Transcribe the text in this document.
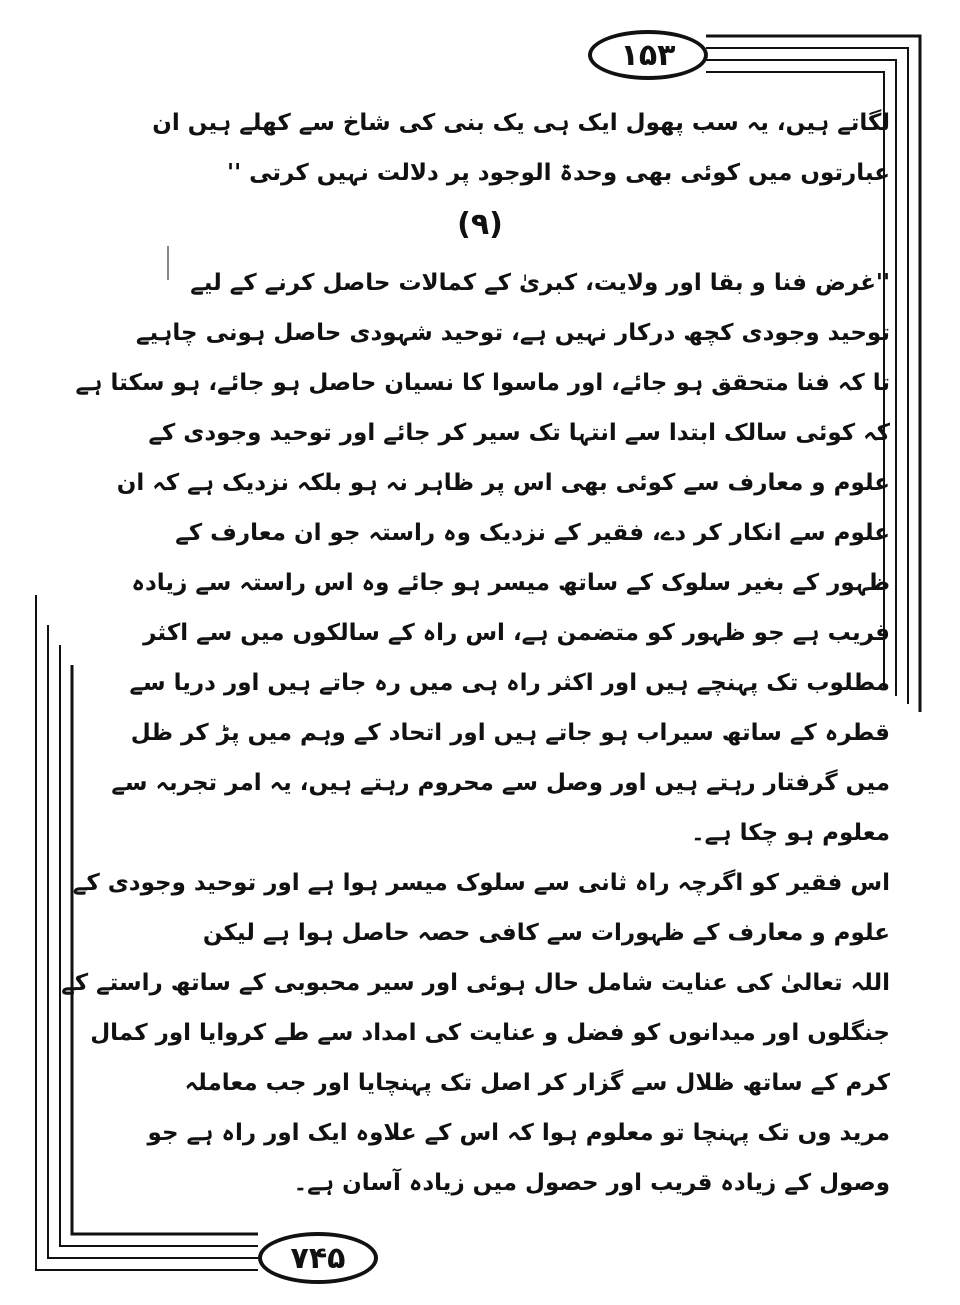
۱۵۳
لگاتے ہیں، یہ سب پھول ایک ہی یک بنی کی شاخ سے کھلے ہیں ان
عبارتوں میں کوئی بھی وحدۃ الوجود پر دلالت نہیں کرتی ''
(۹)
''غرض فنا و بقا اور ولایت، کبریٰ کے کمالات حاصل کرنے کے لیے
توحید وجودی کچھ درکار نہیں ہے، توحید شہودی حاصل ہونی چاہیے
تا کہ فنا متحقق ہو جائے، اور ماسوا کا نسیان حاصل ہو جائے، ہو سکتا ہے
کہ کوئی سالک ابتدا سے انتہا تک سیر کر جائے اور توحید وجودی کے
علوم و معارف سے کوئی بھی اس پر ظاہر نہ ہو بلکہ نزدیک ہے کہ ان
علوم سے انکار کر دے، فقیر کے نزدیک وہ راستہ جو ان معارف کے
ظہور کے بغیر سلوک کے ساتھ میسر ہو جائے وہ اس راستہ سے زیادہ
قریب ہے جو ظہور کو متضمن ہے، اس راہ کے سالکوں میں سے اکثر
مطلوب تک پہنچے ہیں اور اکثر راہ ہی میں رہ جاتے ہیں اور دریا سے
قطرہ کے ساتھ سیراب ہو جاتے ہیں اور اتحاد کے وہم میں پڑ کر ظل
میں گرفتار رہتے ہیں اور وصل سے محروم رہتے ہیں، یہ امر تجربہ سے
معلوم ہو چکا ہے۔
اس فقیر کو اگرچہ راہ ثانی سے سلوک میسر ہوا ہے اور توحید وجودی کے
علوم و معارف کے ظہورات سے کافی حصہ حاصل ہوا ہے لیکن
اللہ تعالیٰ کی عنایت شامل حال ہوئی اور سیر محبوبی کے ساتھ راستے کے
جنگلوں اور میدانوں کو فضل و عنایت کی امداد سے طے کروایا اور کمال
کرم کے ساتھ ظلال سے گزار کر اصل تک پہنچایا اور جب معاملہ
مرید وں تک پہنچا تو معلوم ہوا کہ اس کے علاوہ ایک اور راہ ہے جو
وصول کے زیادہ قریب اور حصول میں زیادہ آسان ہے۔
۷۴۵
